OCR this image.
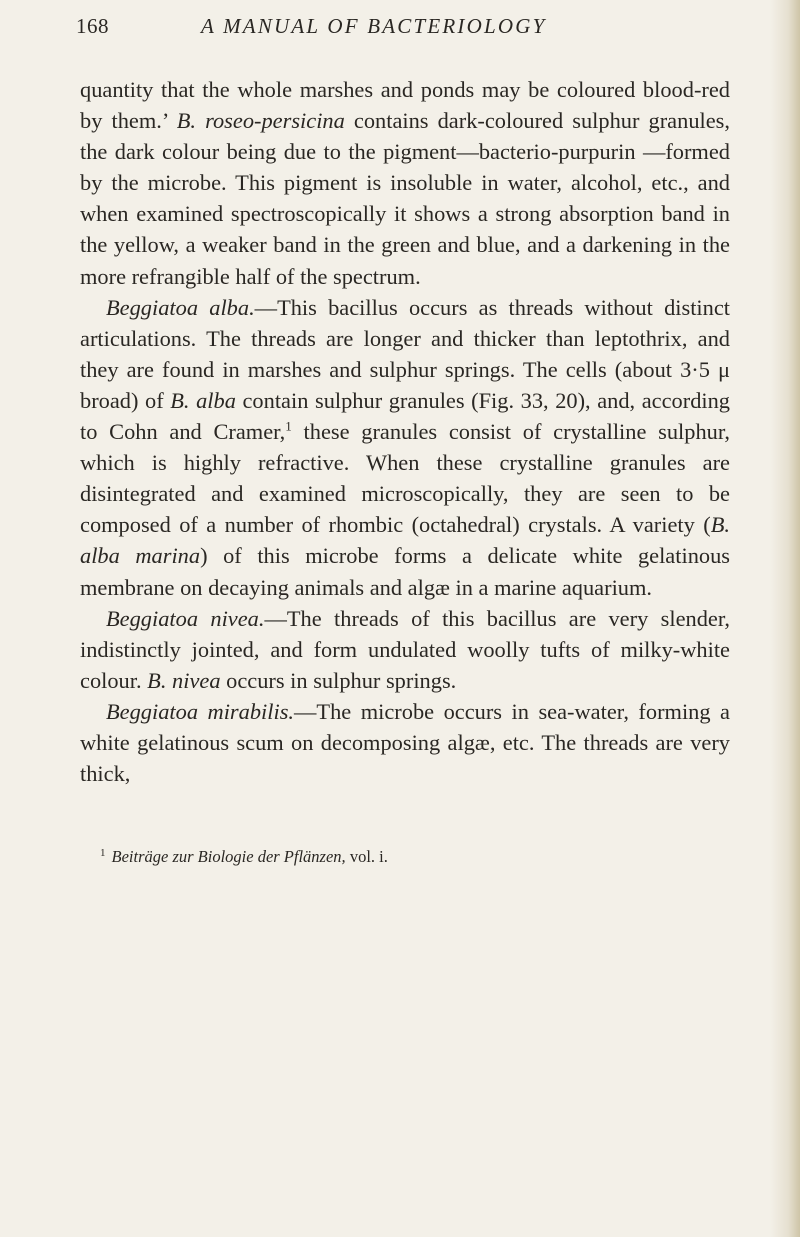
168	A MANUAL OF BACTERIOLOGY

quantity that the whole marshes and ponds may be coloured blood-red by them.’ B. roseo-persicina contains dark-coloured sulphur granules, the dark colour being due to the pigment—bacterio-purpurin —formed by the microbe. This pigment is insoluble in water, alcohol, etc., and when examined spectroscopically it shows a strong absorption band in the yellow, a weaker band in the green and blue, and a darkening in the more refrangible half of the spectrum.

Beggiatoa alba.—This bacillus occurs as threads without distinct articulations. The threads are longer and thicker than leptothrix, and they are found in marshes and sulphur springs. The cells (about 3·5 μ broad) of B. alba contain sulphur granules (Fig. 33, 20), and, according to Cohn and Cramer,$^1$ these granules consist of crystalline sulphur, which is highly refractive. When these crystalline granules are disintegrated and examined microscopically, they are seen to be composed of a number of rhombic (octahedral) crystals. A variety (B. alba marina) of this microbe forms a delicate white gelatinous membrane on decaying animals and algæ in a marine aquarium.

Beggiatoa nivea.—The threads of this bacillus are very slender, indistinctly jointed, and form undulated woolly tufts of milky-white colour. B. nivea occurs in sulphur springs.

Beggiatoa mirabilis.—The microbe occurs in sea-water, forming a white gelatinous scum on decomposing algæ, etc. The threads are very thick,

$^1$ Beiträge zur Biologie der Pflänzen, vol. i.
